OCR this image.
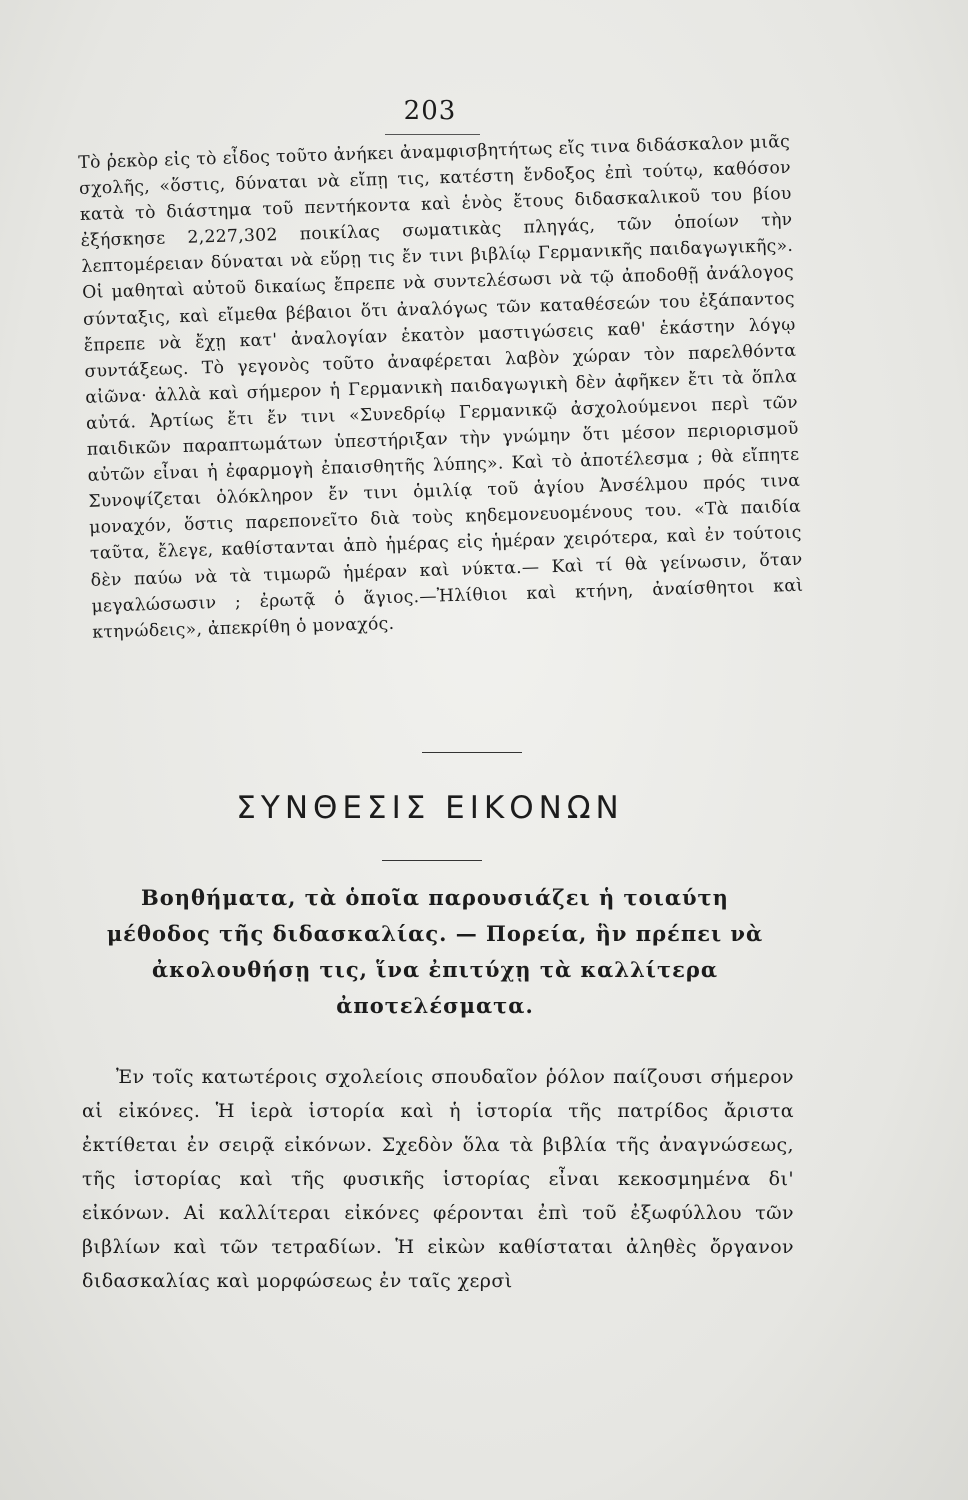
203

Τὸ ῥεκὸρ εἰς τὸ εἶδος τοῦτο ἀνήκει ἀναμφισβητήτως εἴς τινα διδάσκαλον μιᾶς σχολῆς, «ὅστις, δύναται νὰ εἴπῃ τις, κατέστη ἔνδοξος ἐπὶ τούτῳ, καθόσον κατὰ τὸ διάστημα τοῦ πεντήκοντα καὶ ἑνὸς ἔτους διδασκαλικοῦ του βίου ἐξήσκησε 2,227,302 ποικίλας σωματικὰς πληγάς, τῶν ὁποίων τὴν λεπτομέρειαν δύναται νὰ εὕρῃ τις ἔν τινι βιβλίῳ Γερμανικῆς παιδαγωγικῆς». Οἱ μαθηταὶ αὐτοῦ δικαίως ἔπρεπε νὰ συντελέσωσι νὰ τῷ ἀποδοθῇ ἀνάλογος σύνταξις, καὶ εἴμεθα βέβαιοι ὅτι ἀναλόγως τῶν καταθέσεών του ἐξάπαντος ἔπρεπε νὰ ἔχῃ κατ' ἀναλογίαν ἑκατὸν μαστιγώσεις καθ' ἑκάστην λόγῳ συντάξεως. Τὸ γεγονὸς τοῦτο ἀναφέρεται λαβὸν χώραν τὸν παρελθόντα αἰῶνα· ἀλλὰ καὶ σήμερον ἡ Γερμανικὴ παιδαγωγικὴ δὲν ἀφῆκεν ἔτι τὰ ὅπλα αὐτά. Ἀρτίως ἔτι ἔν τινι «Συνεδρίῳ Γερμανικῷ ἀσχολούμενοι περὶ τῶν παιδικῶν παραπτωμάτων ὑπεστήριξαν τὴν γνώμην ὅτι μέσον περιορισμοῦ αὐτῶν εἶναι ἡ ἐφαρμογὴ ἐπαισθητῆς λύπης». Καὶ τὸ ἀποτέλεσμα ; θὰ εἴπητε Συνοψίζεται ὁλόκληρον ἔν τινι ὁμιλίᾳ τοῦ ἁγίου Ἀνσέλμου πρός τινα μοναχόν, ὅστις παρεπονεῖτο διὰ τοὺς κηδεμονευομένους του. «Τὰ παιδία ταῦτα, ἔλεγε, καθίστανται ἀπὸ ἡμέρας εἰς ἡμέραν χειρότερα, καὶ ἐν τούτοις δὲν παύω νὰ τὰ τιμωρῶ ἡμέραν καὶ νύκτα.— Καὶ τί θὰ γείνωσιν, ὅταν μεγαλώσωσιν ; ἐρωτᾷ ὁ ἅγιος.—Ἠλίθιοι καὶ κτήνη, ἀναίσθητοι καὶ κτηνώδεις», ἀπεκρίθη ὁ μοναχός.

ΣΥΝΘΕΣΙΣ ΕΙΚΟΝΩΝ
Βοηθήματα, τὰ ὁποῖα παρουσιάζει ἡ τοιαύτη μέθοδος τῆς διδασκαλίας. — Πορεία, ἣν πρέπει νὰ ἀκολουθήσῃ τις, ἵνα ἐπιτύχῃ τὰ καλλίτερα ἀποτελέσματα.

Ἐν τοῖς κατωτέροις σχολείοις σπουδαῖον ῥόλον παίζουσι σήμερον αἱ εἰκόνες. Ἡ ἱερὰ ἱστορία καὶ ἡ ἱστορία τῆς πατρίδος ἄριστα ἐκτίθεται ἐν σειρᾷ εἰκόνων. Σχεδὸν ὅλα τὰ βιβλία τῆς ἀναγνώσεως, τῆς ἱστορίας καὶ τῆς φυσικῆς ἱστορίας εἶναι κεκοσμημένα δι' εἰκόνων. Αἱ καλλίτεραι εἰκόνες φέρονται ἐπὶ τοῦ ἐξωφύλλου τῶν βιβλίων καὶ τῶν τετραδίων. Ἡ εἰκὼν καθίσταται ἀληθὲς ὄργανον διδασκαλίας καὶ μορφώσεως ἐν ταῖς χερσὶ
